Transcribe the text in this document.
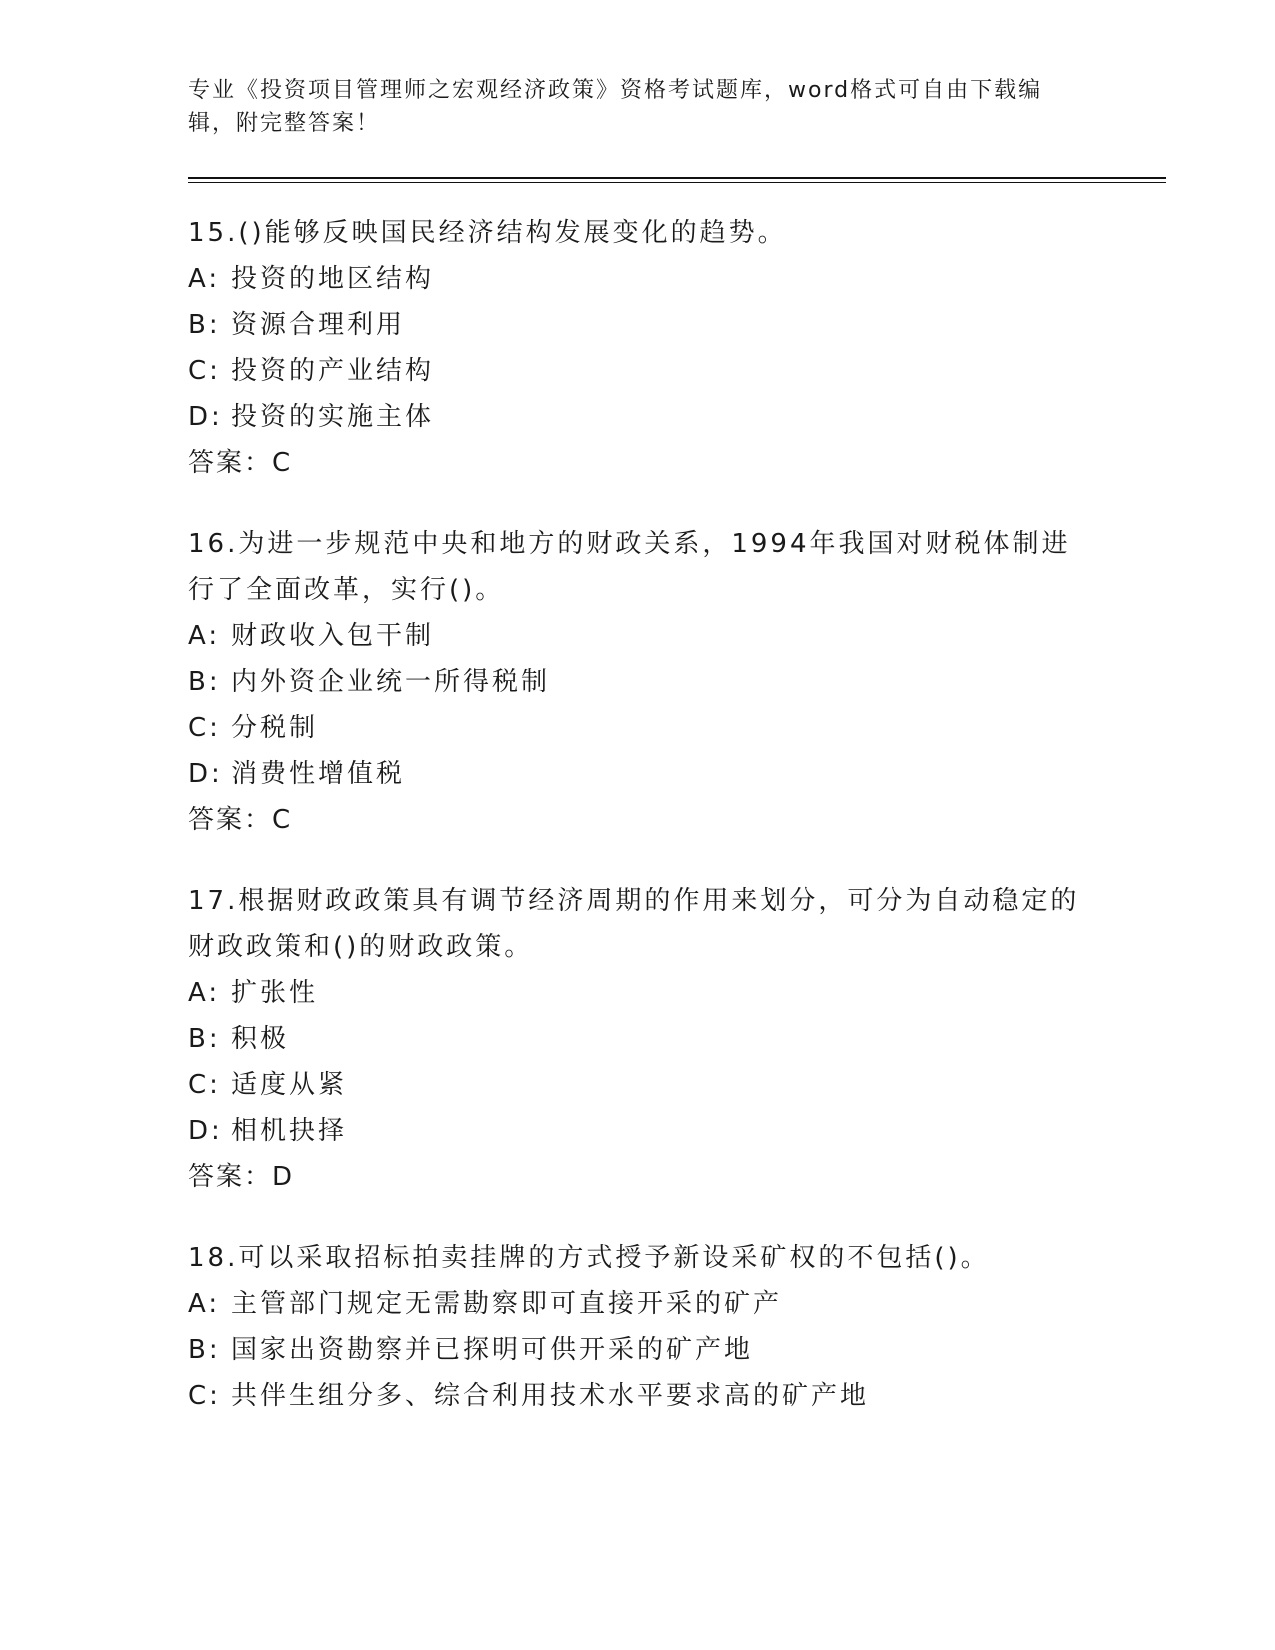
专业《投资项目管理师之宏观经济政策》资格考试题库，word格式可自由下载编辑，附完整答案！
15.()能够反映国民经济结构发展变化的趋势。
A: 投资的地区结构
B: 资源合理利用
C: 投资的产业结构
D: 投资的实施主体
答案：C
16.为进一步规范中央和地方的财政关系，1994年我国对财税体制进行了全面改革，实行()。
A: 财政收入包干制
B: 内外资企业统一所得税制
C: 分税制
D: 消费性增值税
答案：C
17.根据财政政策具有调节经济周期的作用来划分，可分为自动稳定的财政政策和()的财政政策。
A: 扩张性
B: 积极
C: 适度从紧
D: 相机抉择
答案：D
18.可以采取招标拍卖挂牌的方式授予新设采矿权的不包括()。
A: 主管部门规定无需勘察即可直接开采的矿产
B: 国家出资勘察并已探明可供开采的矿产地
C: 共伴生组分多、综合利用技术水平要求高的矿产地
